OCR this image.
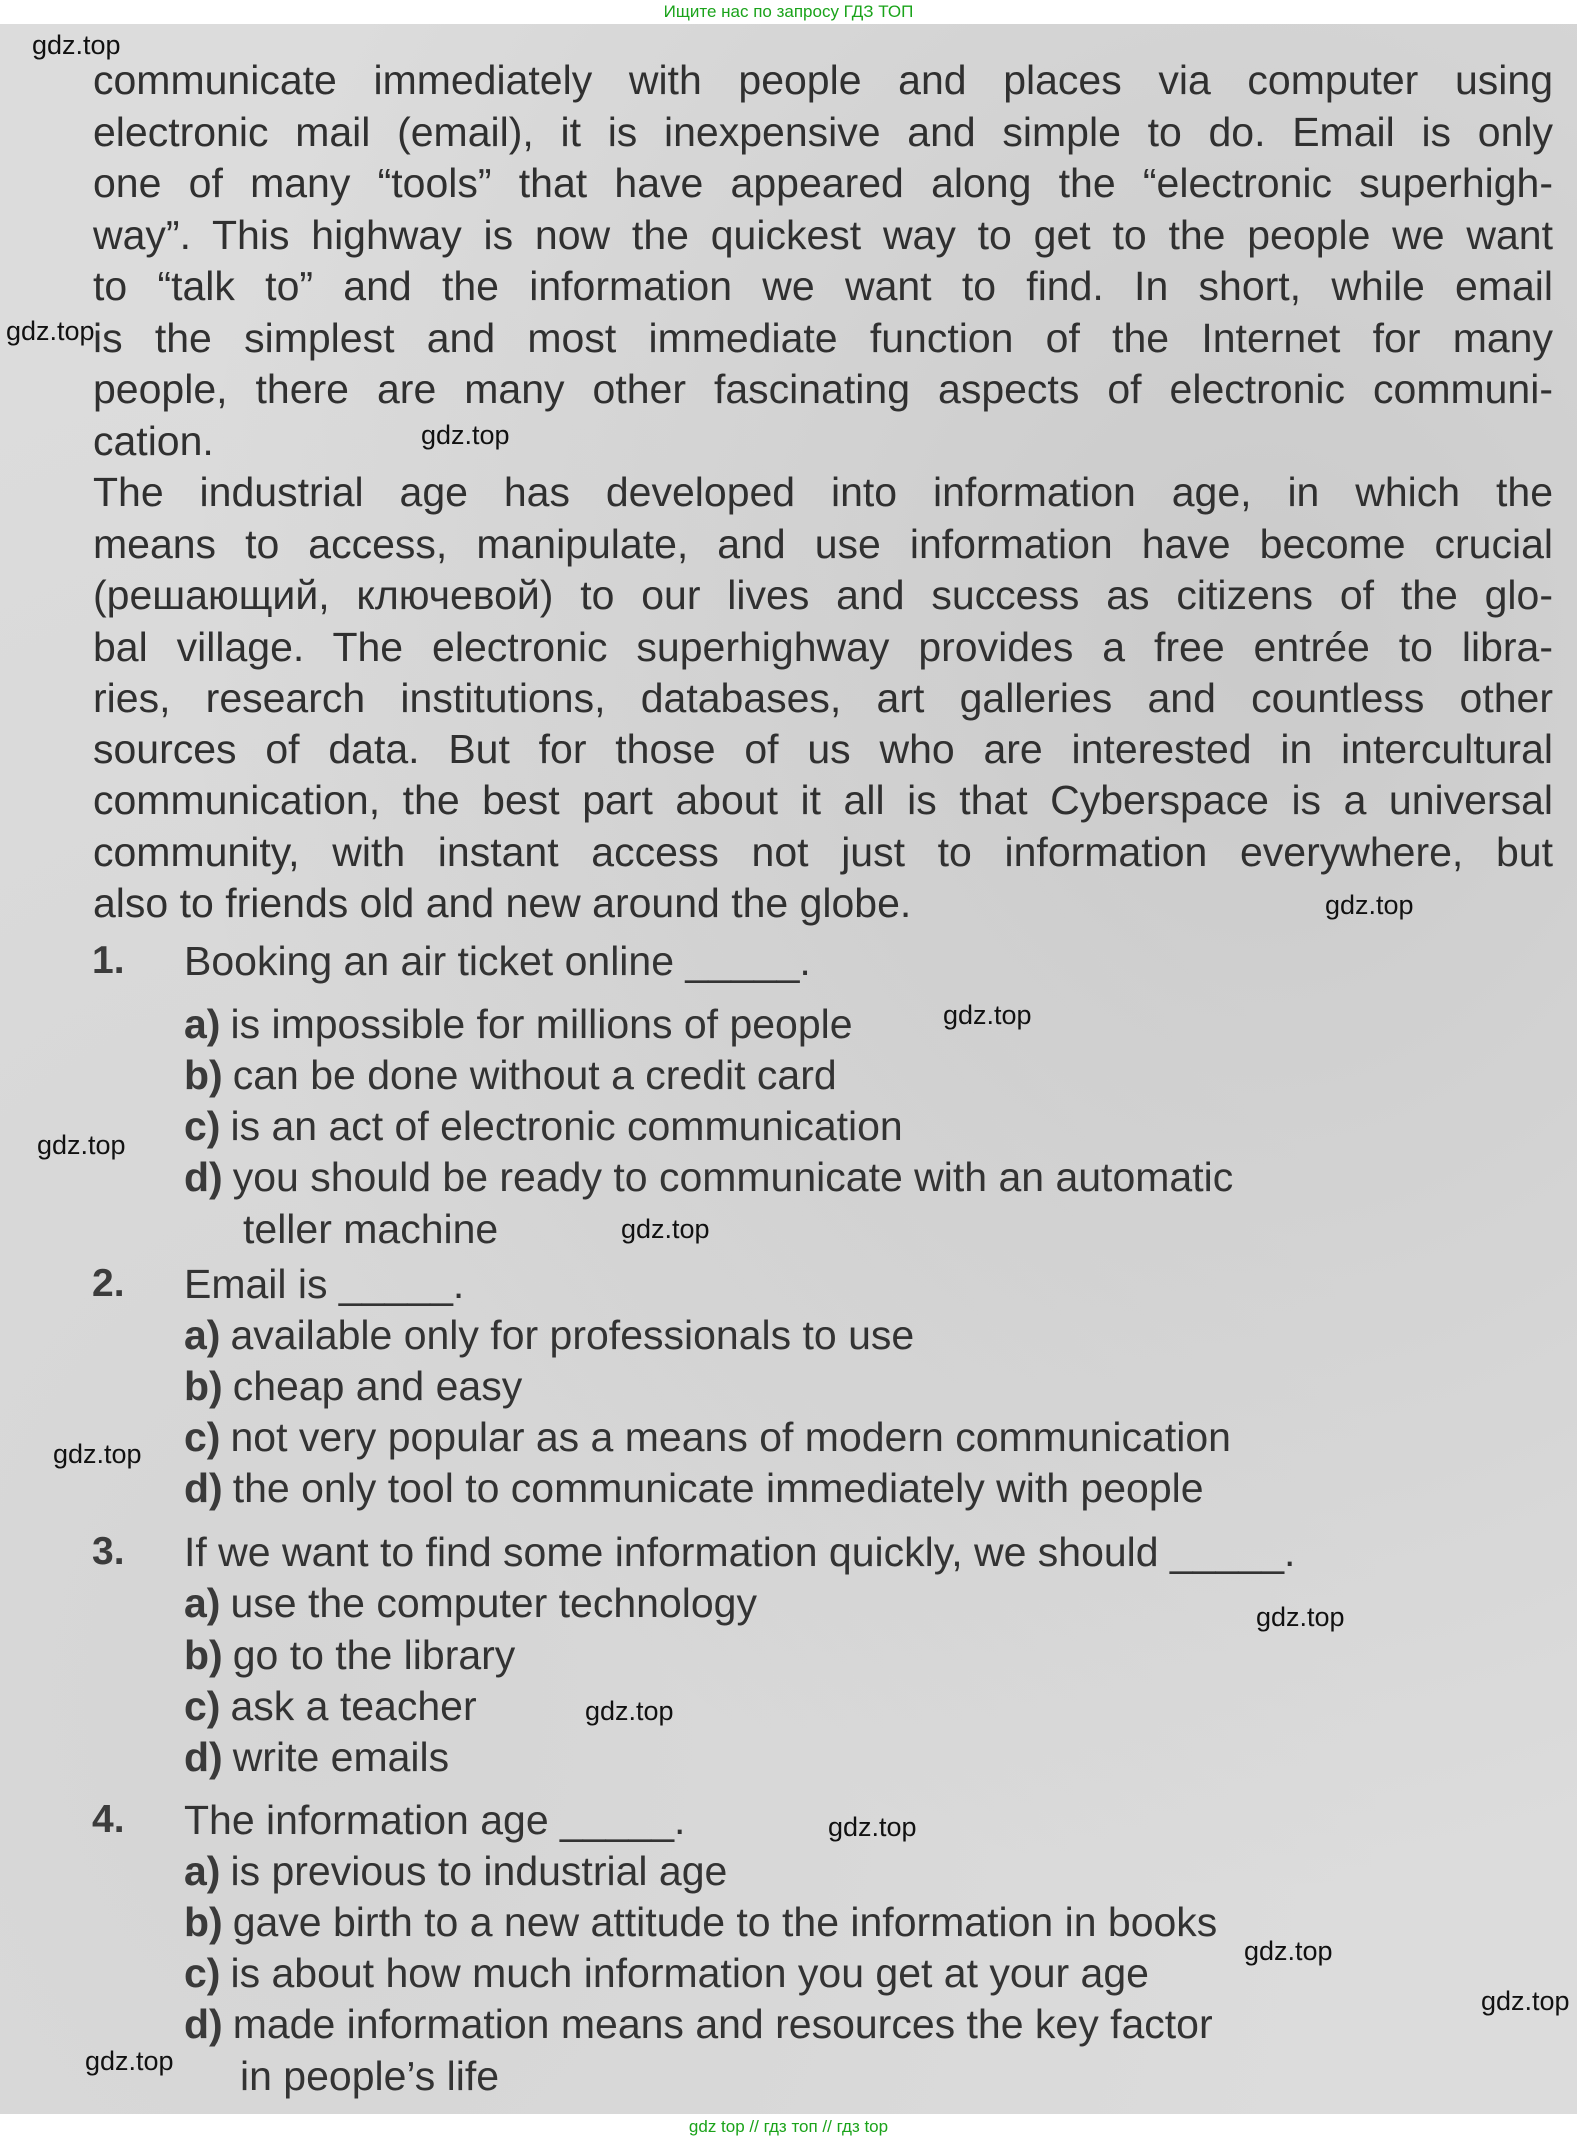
Ищите нас по запросу ГДЗ ТОП
communicate immediately with people and places via computer using
electronic mail (email), it is inexpensive and simple to do. Email is only
one of many “tools” that have appeared along the “electronic superhigh-
way”. This highway is now the quickest way to get to the people we want
to “talk to” and the information we want to find. In short, while email
is the simplest and most immediate function of the Internet for many
people, there are many other fascinating aspects of electronic communi-
cation.
The industrial age has developed into information age, in which the
means to access, manipulate, and use information have become crucial
(решающий, ключевой) to our lives and success as citizens of the glo-
bal village. The electronic superhighway provides a free entrée to libra-
ries, research institutions, databases, art galleries and countless other
sources of data. But for those of us who are interested in intercultural
communication, the best part about it all is that Cyberspace is a universal
community, with instant access not just to information everywhere, but
also to friends old and new around the globe.
1. Booking an air ticket online _____.
a) is impossible for millions of people
b) can be done without a credit card
c) is an act of electronic communication
d) you should be ready to communicate with an automatic
teller machine
2. Email is _____.
a) available only for professionals to use
b) cheap and easy
c) not very popular as a means of modern communication
d) the only tool to communicate immediately with people
3. If we want to find some information quickly, we should _____.
a) use the computer technology
b) go to the library
c) ask a teacher
d) write emails
4. The information age _____.
a) is previous to industrial age
b) gave birth to a new attitude to the information in books
c) is about how much information you get at your age
d) made information means and resources the key factor
in people’s life
gdz.top
gdz.top
gdz.top
gdz.top
gdz.top
gdz.top
gdz.top
gdz.top
gdz.top
gdz.top
gdz.top
gdz.top
gdz.top
gdz.top
gdz top // гдз топ // гдз top
